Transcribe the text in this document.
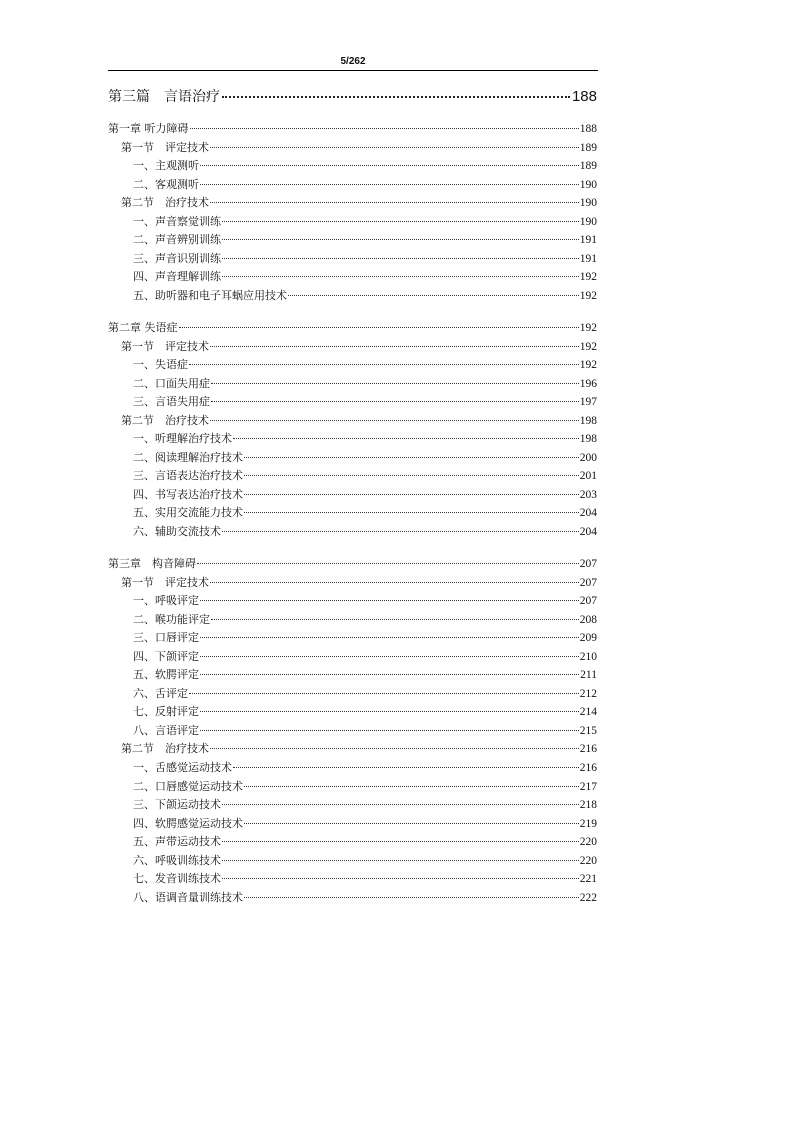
5/262
第三篇　言语治疗	188
第一章 听力障碍	188
第一节　评定技术	189
一、主观测听	189
二、客观测听	190
第二节　治疗技术	190
一、声音察觉训练	190
二、声音辨别训练	191
三、声音识别训练	191
四、声音理解训练	192
五、助听器和电子耳蜗应用技术	192
第二章 失语症	192
第一节　评定技术	192
一、失语症	192
二、口面失用症	196
三、言语失用症	197
第二节　治疗技术	198
一、听理解治疗技术	198
二、阅读理解治疗技术	200
三、言语表达治疗技术	201
四、书写表达治疗技术	203
五、实用交流能力技术	204
六、辅助交流技术	204
第三章　构音障碍	207
第一节　评定技术	207
一、呼吸评定	207
二、喉功能评定	208
三、口唇评定	209
四、下颌评定	210
五、软腭评定	211
六、舌评定	212
七、反射评定	214
八、言语评定	215
第二节　治疗技术	216
一、舌感觉运动技术	216
二、口唇感觉运动技术	217
三、下颌运动技术	218
四、软腭感觉运动技术	219
五、声带运动技术	220
六、呼吸训练技术	220
七、发音训练技术	221
八、语调音量训练技术	222
